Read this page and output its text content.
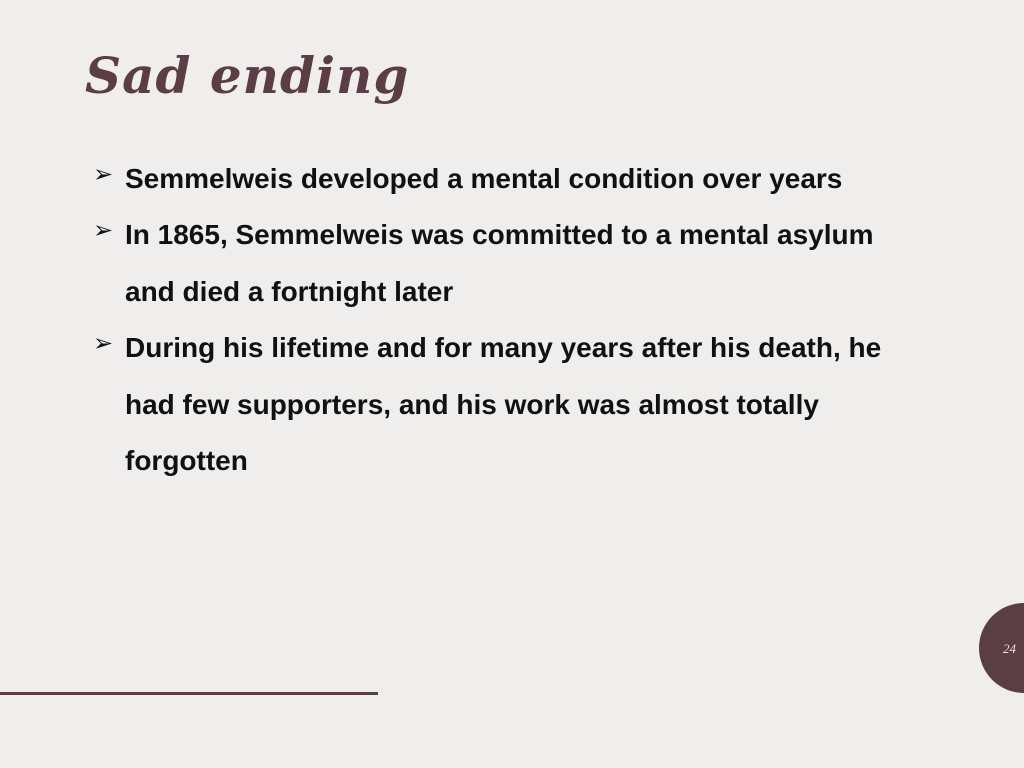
Sad ending
➢ Semmelweis developed a mental condition over years
➢ In 1865, Semmelweis was committed to a mental asylum and died a fortnight later
➢ During his lifetime and for many years after his death, he had few supporters, and his work was almost totally forgotten
24
